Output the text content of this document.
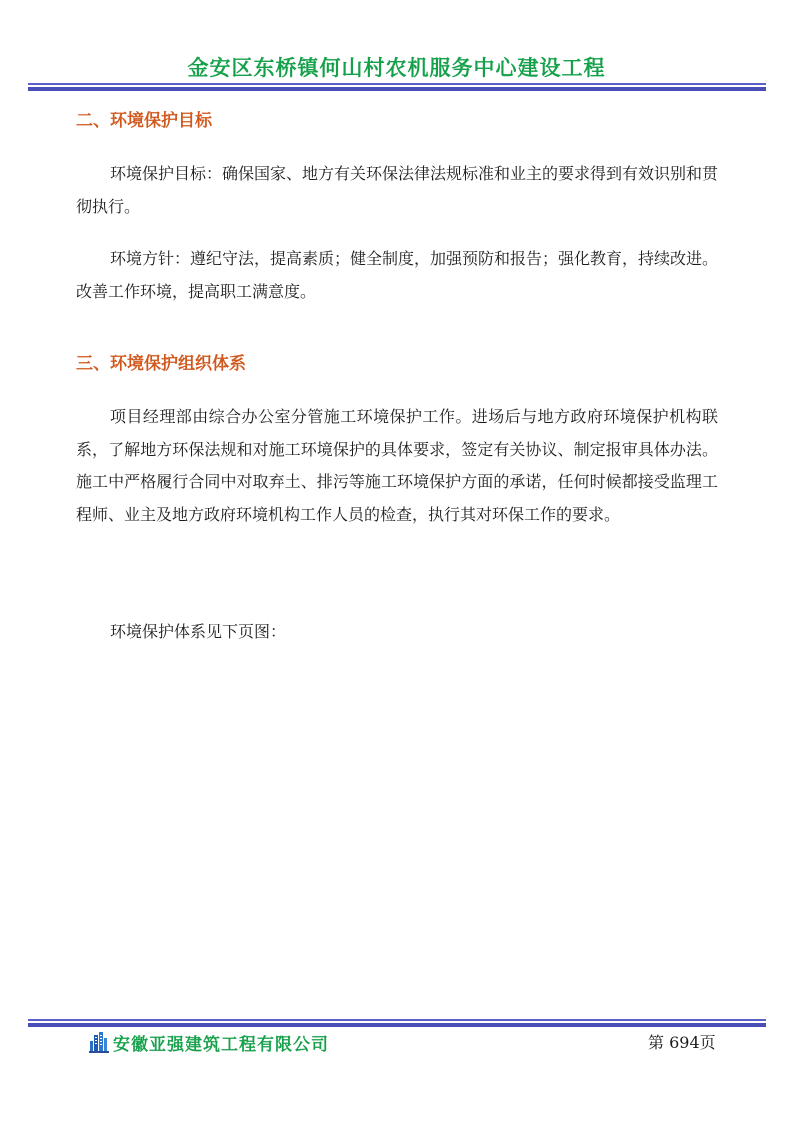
金安区东桥镇何山村农机服务中心建设工程
二、环境保护目标

环境保护目标：确保国家、地方有关环保法律法规标准和业主的要求得到有效识别和贯彻执行。

环境方针：遵纪守法，提高素质；健全制度，加强预防和报告；强化教育，持续改进。改善工作环境，提高职工满意度。

三、环境保护组织体系

项目经理部由综合办公室分管施工环境保护工作。进场后与地方政府环境保护机构联系，了解地方环保法规和对施工环境保护的具体要求，签定有关协议、制定报审具体办法。施工中严格履行合同中对取弃土、排污等施工环境保护方面的承诺，任何时候都接受监理工程师、业主及地方政府环境机构工作人员的检查，执行其对环保工作的要求。

环境保护体系见下页图：

安徽亚强建筑工程有限公司	第 694页
